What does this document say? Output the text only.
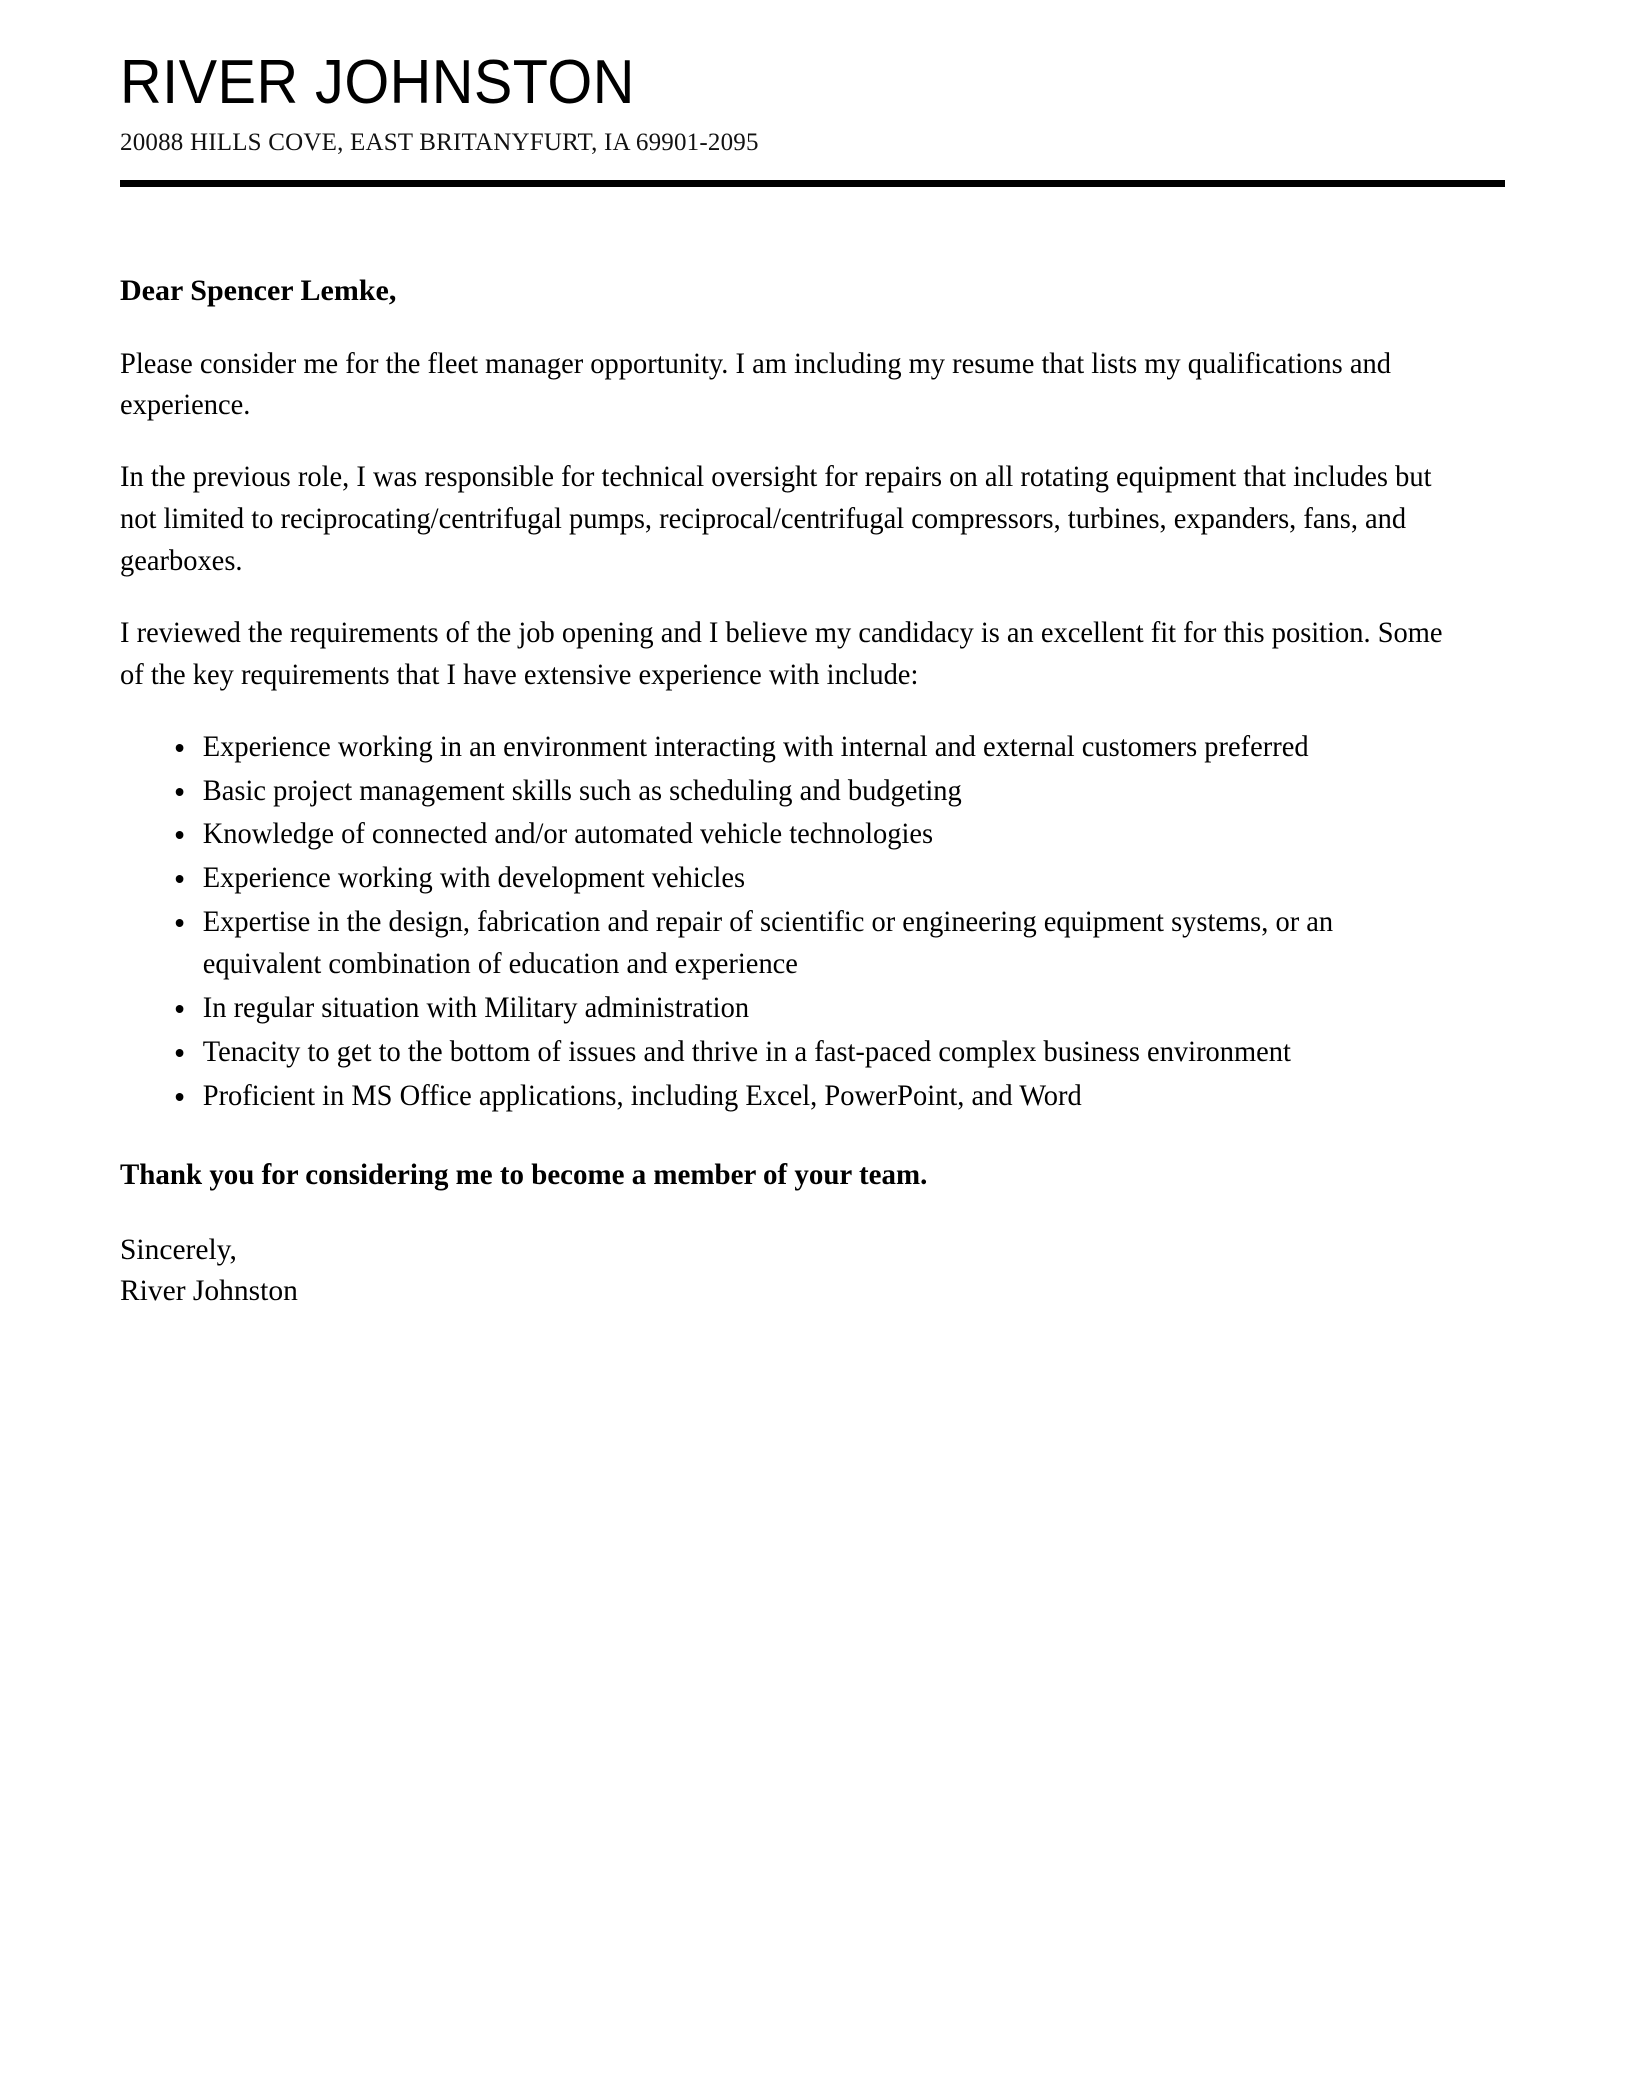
RIVER JOHNSTON
20088 HILLS COVE, EAST BRITANYFURT, IA 69901-2095

Dear Spencer Lemke,

Please consider me for the fleet manager opportunity. I am including my resume that lists my qualifications and experience.

In the previous role, I was responsible for technical oversight for repairs on all rotating equipment that includes but not limited to reciprocating/centrifugal pumps, reciprocal/centrifugal compressors, turbines, expanders, fans, and gearboxes.

I reviewed the requirements of the job opening and I believe my candidacy is an excellent fit for this position. Some of the key requirements that I have extensive experience with include:

Experience working in an environment interacting with internal and external customers preferred
Basic project management skills such as scheduling and budgeting
Knowledge of connected and/or automated vehicle technologies
Experience working with development vehicles
Expertise in the design, fabrication and repair of scientific or engineering equipment systems, or an equivalent combination of education and experience
In regular situation with Military administration
Tenacity to get to the bottom of issues and thrive in a fast-paced complex business environment
Proficient in MS Office applications, including Excel, PowerPoint, and Word

Thank you for considering me to become a member of your team.

Sincerely,
River Johnston
